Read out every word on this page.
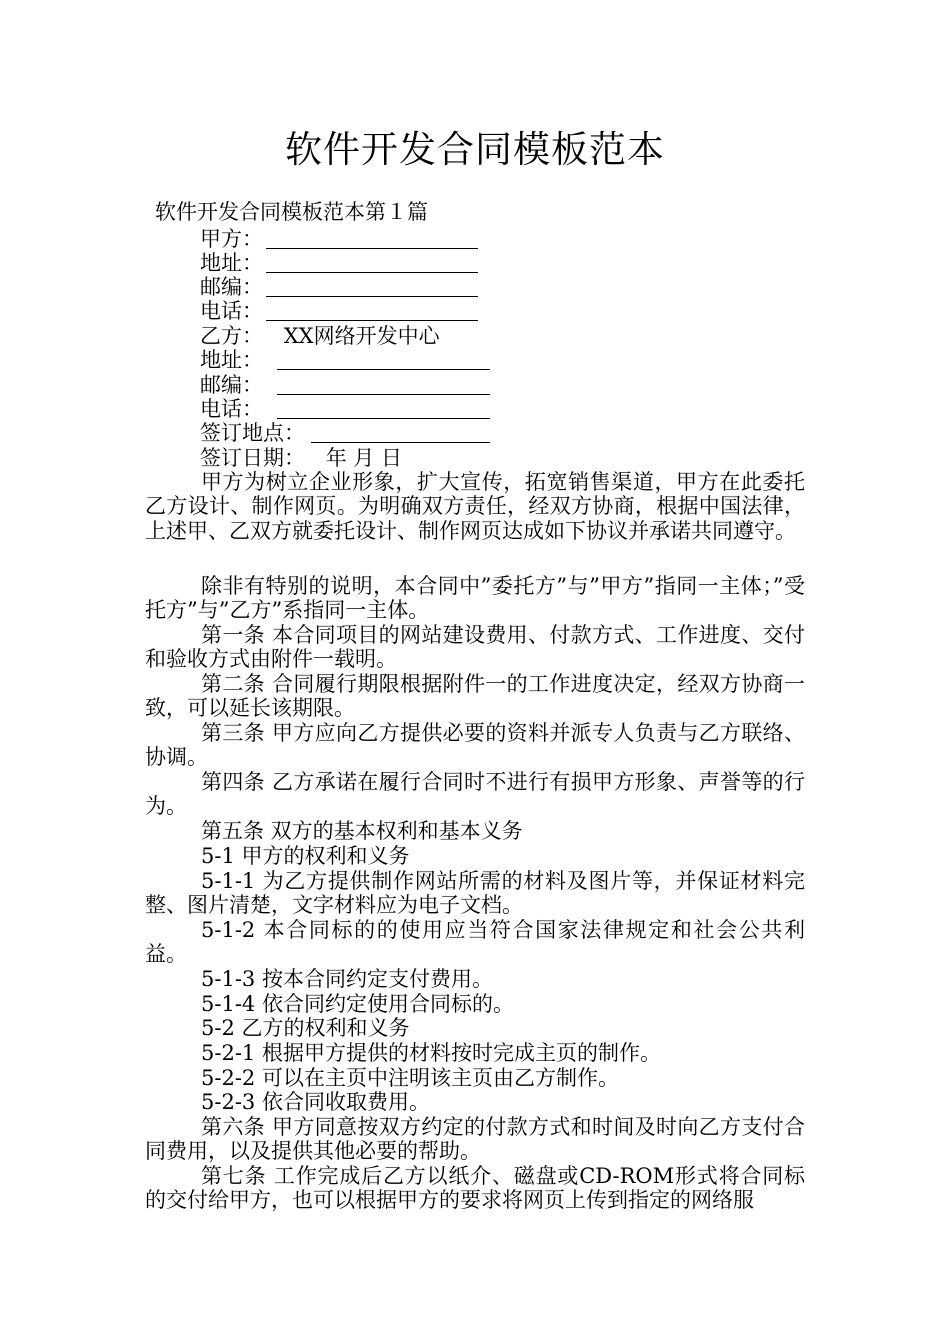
软件开发合同模板范本
软件开发合同模板范本第１篇
甲方：
地址：
邮编：
电话：
乙方： XX网络开发中心
地址：
邮编：
电话：
签订地点：
签订日期： 年 月 日
甲方为树立企业形象，扩大宣传，拓宽销售渠道，甲方在此委托乙方设计、制作网页。为明确双方责任，经双方协商，根据中国法律，上述甲、乙双方就委托设计、制作网页达成如下协议并承诺共同遵守。
除非有特别的说明，本合同中”委托方”与”甲方”指同一主体；”受托方”与”乙方”系指同一主体。
第一条 本合同项目的网站建设费用、付款方式、工作进度、交付和验收方式由附件一载明。
第二条 合同履行期限根据附件一的工作进度决定，经双方协商一致，可以延长该期限。
第三条 甲方应向乙方提供必要的资料并派专人负责与乙方联络、协调。
第四条 乙方承诺在履行合同时不进行有损甲方形象、声誉等的行为。
第五条 双方的基本权利和基本义务
5-1 甲方的权利和义务
5-1-1 为乙方提供制作网站所需的材料及图片等，并保证材料完整、图片清楚，文字材料应为电子文档。
5-1-2 本合同标的的使用应当符合国家法律规定和社会公共利益。
5-1-3 按本合同约定支付费用。
5-1-4 依合同约定使用合同标的。
5-2 乙方的权利和义务
5-2-1 根据甲方提供的材料按时完成主页的制作。
5-2-2 可以在主页中注明该主页由乙方制作。
5-2-3 依合同收取费用。
第六条 甲方同意按双方约定的付款方式和时间及时向乙方支付合同费用，以及提供其他必要的帮助。
第七条 工作完成后乙方以纸介、磁盘或CD-ROM形式将合同标的交付给甲方，也可以根据甲方的要求将网页上传到指定的网络服
